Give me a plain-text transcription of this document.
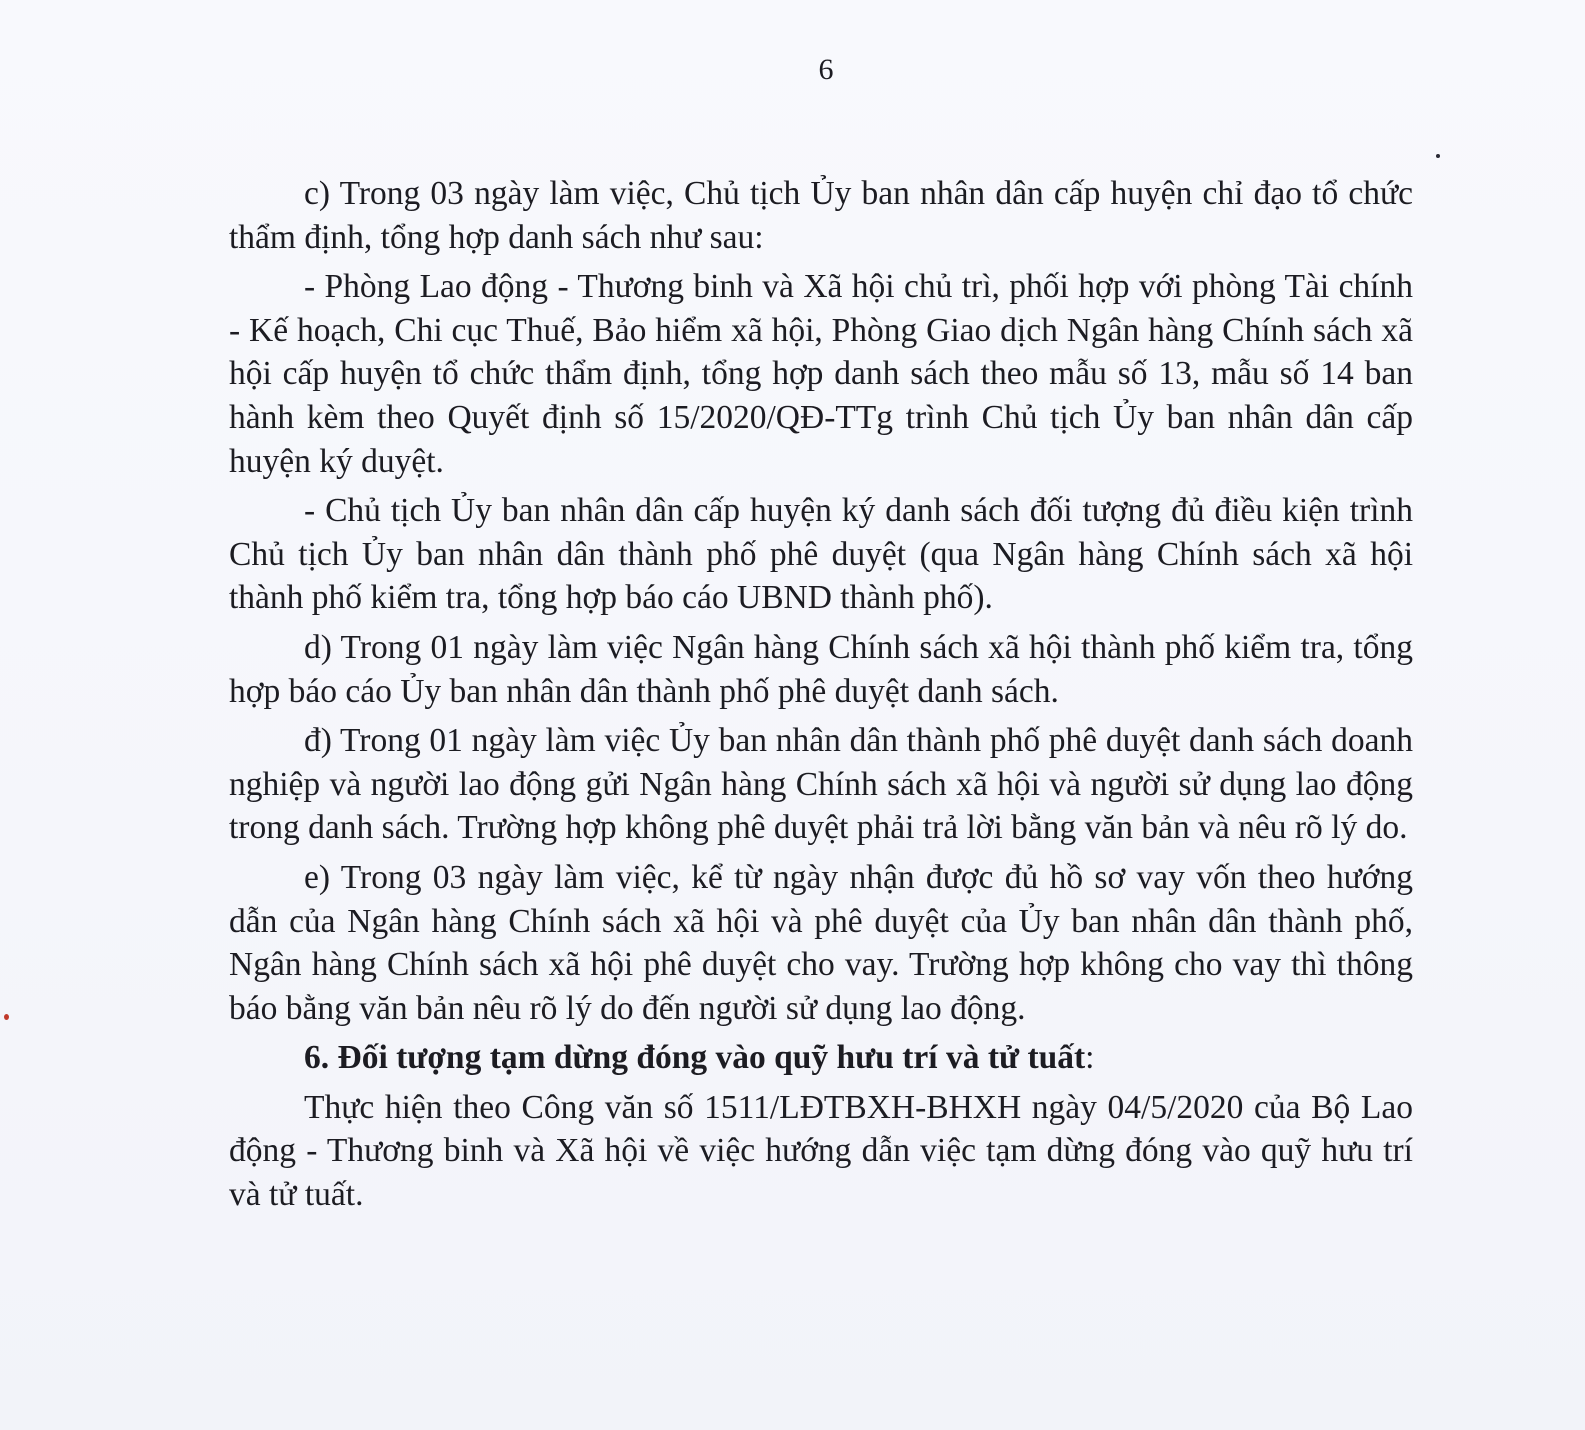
6

c) Trong 03 ngày làm việc, Chủ tịch Ủy ban nhân dân cấp huyện chỉ đạo tổ chức thẩm định, tổng hợp danh sách như sau:

- Phòng Lao động - Thương binh và Xã hội chủ trì, phối hợp với phòng Tài chính - Kế hoạch, Chi cục Thuế, Bảo hiểm xã hội, Phòng Giao dịch Ngân hàng Chính sách xã hội cấp huyện tổ chức thẩm định, tổng hợp danh sách theo mẫu số 13, mẫu số 14 ban hành kèm theo Quyết định số 15/2020/QĐ-TTg trình Chủ tịch Ủy ban nhân dân cấp huyện ký duyệt.

- Chủ tịch Ủy ban nhân dân cấp huyện ký danh sách đối tượng đủ điều kiện trình Chủ tịch Ủy ban nhân dân thành phố phê duyệt (qua Ngân hàng Chính sách xã hội thành phố kiểm tra, tổng hợp báo cáo UBND thành phố).

d) Trong 01 ngày làm việc Ngân hàng Chính sách xã hội thành phố kiểm tra, tổng hợp báo cáo Ủy ban nhân dân thành phố phê duyệt danh sách.

đ) Trong 01 ngày làm việc Ủy ban nhân dân thành phố phê duyệt danh sách doanh nghiệp và người lao động gửi Ngân hàng Chính sách xã hội và người sử dụng lao động trong danh sách. Trường hợp không phê duyệt phải trả lời bằng văn bản và nêu rõ lý do.

e) Trong 03 ngày làm việc, kể từ ngày nhận được đủ hồ sơ vay vốn theo hướng dẫn của Ngân hàng Chính sách xã hội và phê duyệt của Ủy ban nhân dân thành phố, Ngân hàng Chính sách xã hội phê duyệt cho vay. Trường hợp không cho vay thì thông báo bằng văn bản nêu rõ lý do đến người sử dụng lao động.

6. Đối tượng tạm dừng đóng vào quỹ hưu trí và tử tuất:

Thực hiện theo Công văn số 1511/LĐTBXH-BHXH ngày 04/5/2020 của Bộ Lao động - Thương binh và Xã hội về việc hướng dẫn việc tạm dừng đóng vào quỹ hưu trí và tử tuất.
